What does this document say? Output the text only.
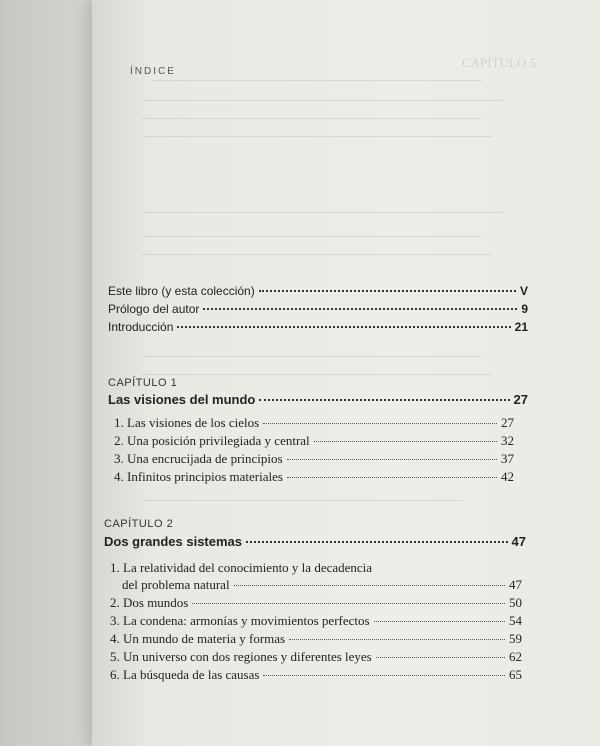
CAPÍTULO 5
ÍNDICE
Este libro (y esta colección)	V
Prólogo del autor	9
Introducción	21
CAPÍTULO 1
Las visiones del mundo	27
1. Las visiones de los cielos	27
2. Una posición privilegiada y central	32
3. Una encrucijada de principios	37
4. Infinitos principios materiales	42
CAPÍTULO 2
Dos grandes sistemas	47
1. La relatividad del conocimiento y la decadencia
del problema natural	47
2. Dos mundos	50
3. La condena: armonías y movimientos perfectos	54
4. Un mundo de materia y formas	59
5. Un universo con dos regiones y diferentes leyes	62
6. La búsqueda de las causas	65
